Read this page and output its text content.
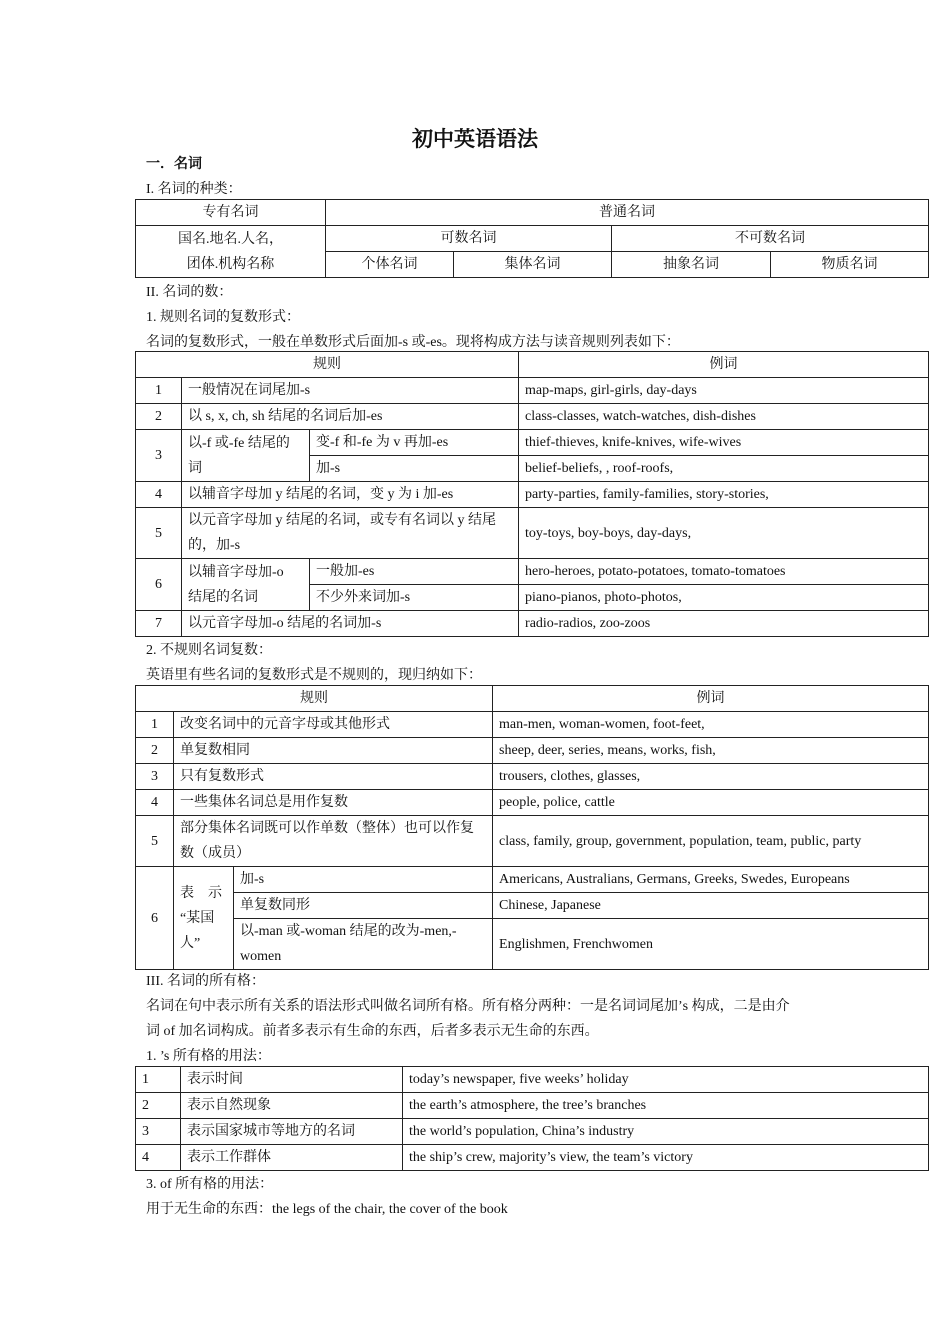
初中英语语法
一．名词
I. 名词的种类：
专有名词	普通名词			

国名.地名.人名，
团体.机构名称	可数名词		不可数名词	
	个体名词	集体名词	抽象名词	物质名词
II. 名词的数：
1. 规则名词的复数形式：
名词的复数形式，一般在单数形式后面加-s 或-es。现将构成方法与读音规则列表如下：
规则			例词
1	一般情况在词尾加-s		map-maps, girl-girls, day-days
2	以 s, x, ch, sh 结尾的名词后加-es		class-classes, watch-watches, dish-dishes
3	以-f 或-fe 结尾的
词	变-f 和-fe 为 v 再加-es	thief-thieves, knife-knives, wife-wives
		加-s	belief-beliefs, , roof-roofs,
4	以辅音字母加 y 结尾的名词，变 y 为 i 加-es		party-parties, family-families, story-stories,
5	以元音字母加 y 结尾的名词，或专有名词以 y 结尾
的，加-s		toy-toys, boy-boys, day-days,
6	以辅音字母加-o
结尾的名词	一般加-es	hero-heroes, potato-potatoes, tomato-tomatoes
		不少外来词加-s	piano-pianos, photo-photos,
7	以元音字母加-o 结尾的名词加-s		radio-radios, zoo-zoos
2. 不规则名词复数：
英语里有些名词的复数形式是不规则的，现归纳如下：
规则			例词
1	改变名词中的元音字母或其他形式		man-men, woman-women, foot-feet,
2	单复数相同		sheep, deer, series, means, works, fish,
3	只有复数形式		trousers, clothes, glasses,
4	一些集体名词总是用作复数		people, police, cattle
5	部分集体名词既可以作单数（整体）也可以作复
数（成员）		class, family, group, government, population, team, public, party
6	表　示
“某国
人”	加-s	Americans, Australians, Germans, Greeks, Swedes, Europeans
		单复数同形	Chinese, Japanese

		以-man 或-woman 结尾的改为-men,-
women	Englishmen, Frenchwomen
III. 名词的所有格：
名词在句中表示所有关系的语法形式叫做名词所有格。所有格分两种：一是名词词尾加’s 构成，二是由介
词 of 加名词构成。前者多表示有生命的东西，后者多表示无生命的东西。
1. ’s 所有格的用法：
1	表示时间	today’s newspaper, five weeks’ holiday
2	表示自然现象	the earth’s atmosphere, the tree’s branches
3	表示国家城市等地方的名词	the world’s population, China’s industry
4	表示工作群体	the ship’s crew, majority’s view, the team’s victory
3. of 所有格的用法：
用于无生命的东西：the legs of the chair, the cover of the book
